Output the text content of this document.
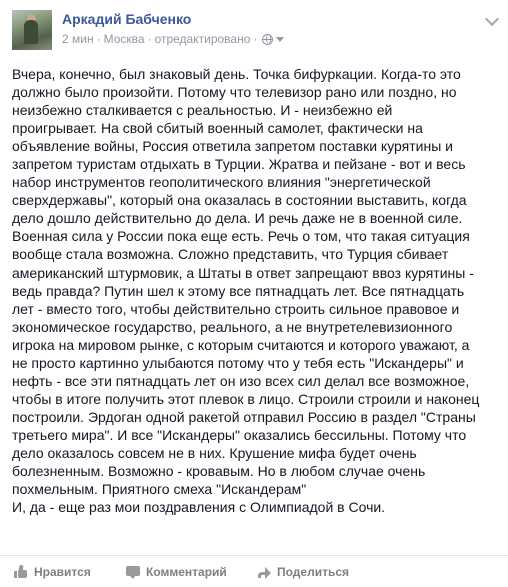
Аркадий Бабченко
2 мин · Москва · отредактировано ·
Вчера, конечно, был знаковый день. Точка бифуркации. Когда-то это
должно было произойти. Потому что телевизор рано или поздно, но
неизбежно сталкивается с реальностью. И - неизбежно ей
проигрывает. На свой сбитый военный самолет, фактически на
объявление войны, Россия ответила запретом поставки курятины и
запретом туристам отдыхать в Турции. Жратва и пейзане - вот и весь
набор инструментов геополитического влияния "энергетической
сверхдержавы", который она оказалась в состоянии выставить, когда
дело дошло действительно до дела. И речь даже не в военной силе.
Военная сила у России пока еще есть. Речь о том, что такая ситуация
вообще стала возможна. Сложно представить, что Турция сбивает
американский штурмовик, а Штаты в ответ запрещают ввоз курятины -
ведь правда? Путин шел к этому все пятнадцать лет. Все пятнадцать
лет - вместо того, чтобы действительно строить сильное правовое и
экономическое государство, реального, а не внутретелевизионного
игрока на мировом рынке, с которым считаются и которого уважают, а
не просто картинно улыбаются потому что у тебя есть "Искандеры" и
нефть - все эти пятнадцать лет он изо всех сил делал все возможное,
чтобы в итоге получить этот плевок в лицо. Строили строили и наконец
построили. Эрдоган одной ракетой отправил Россию в раздел "Страны
третьего мира". И все "Искандеры" оказались бессильны. Потому что
дело оказалось совсем не в них. Крушение мифа будет очень
болезненным. Возможно - кровавым. Но в любом случае очень
похмельным. Приятного смеха "Искандерам"
И, да - еще раз мои поздравления с Олимпиадой в Сочи.
Нравится	Комментарий	Поделиться
